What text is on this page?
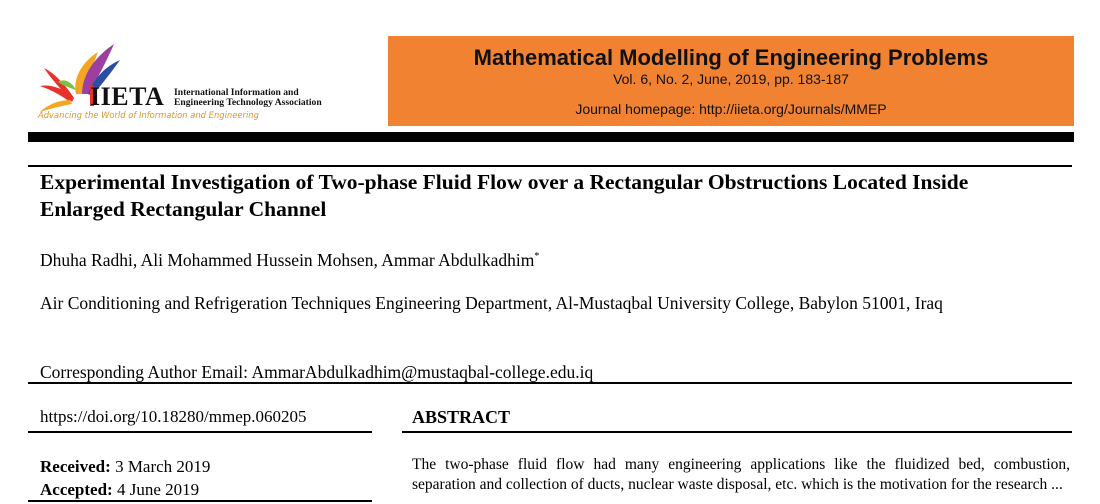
IIETA International Information and
Engineering Technology Association
Advancing the World of Information and Engineering
Mathematical Modelling of Engineering Problems
Vol. 6, No. 2, June, 2019, pp. 183-187
Journal homepage: http://iieta.org/Journals/MMEP
Experimental Investigation of Two-phase Fluid Flow over a Rectangular Obstructions Located Inside Enlarged Rectangular Channel
Dhuha Radhi, Ali Mohammed Hussein Mohsen, Ammar Abdulkadhim*
Air Conditioning and Refrigeration Techniques Engineering Department, Al-Mustaqbal University College, Babylon 51001, Iraq
Corresponding Author Email: AmmarAbdulkadhim@mustaqbal-college.edu.iq
https://doi.org/10.18280/mmep.060205
Received: 3 March 2019
Accepted: 4 June 2019
ABSTRACT
The two-phase fluid flow had many engineering applications like the fluidized bed, combustion, separation and collection of ducts, nuclear waste disposal, etc. which is the motivation for the research ...
